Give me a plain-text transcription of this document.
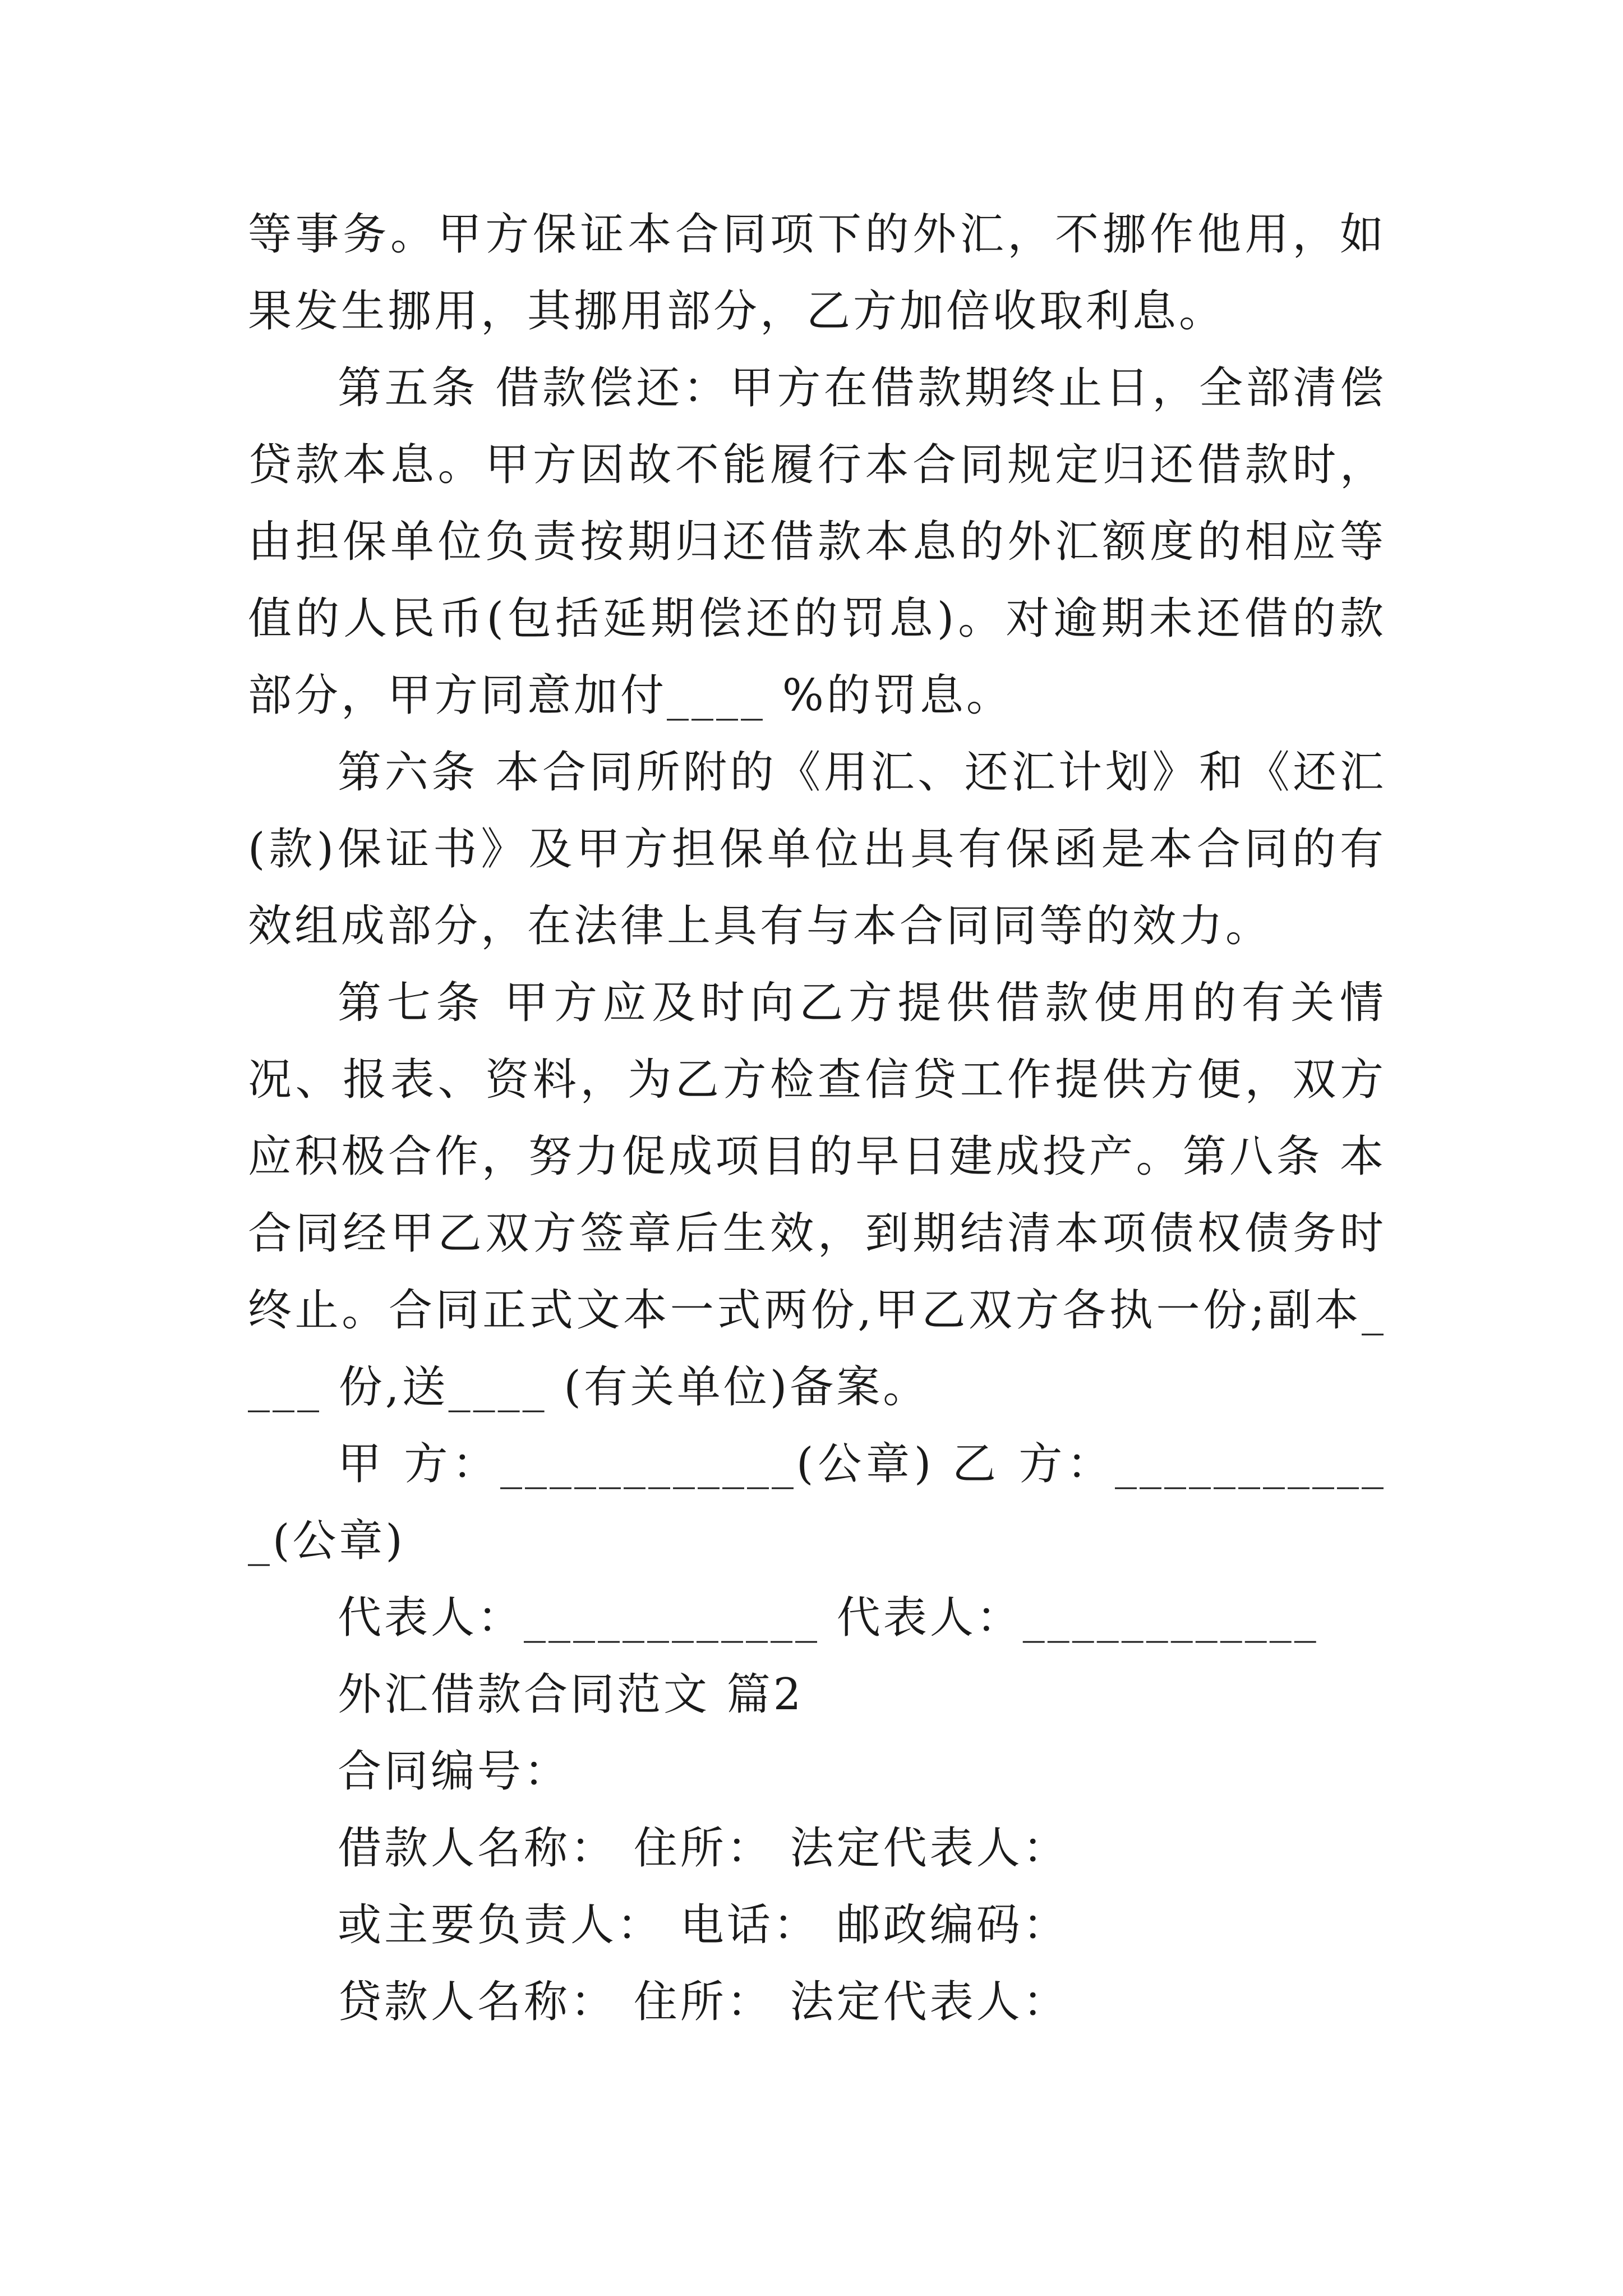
等事务。甲方保证本合同项下的外汇，不挪作他用，如果发生挪用，其挪用部分，乙方加倍收取利息。

第五条 借款偿还：甲方在借款期终止日，全部清偿贷款本息。甲方因故不能履行本合同规定归还借款时，由担保单位负责按期归还借款本息的外汇额度的相应等值的人民币(包括延期偿还的罚息)。对逾期未还借的款部分，甲方同意加付____ %的罚息。

第六条 本合同所附的《用汇、还汇计划》和《还汇(款)保证书》及甲方担保单位出具有保函是本合同的有效组成部分，在法律上具有与本合同同等的效力。

第七条 甲方应及时向乙方提供借款使用的有关情况、报表、资料，为乙方检查信贷工作提供方便，双方应积极合作，努力促成项目的早日建成投产。第八条 本合同经甲乙双方签章后生效，到期结清本项债权债务时终止。合同正式文本一式两份,甲乙双方各执一份;副本____ 份,送____ (有关单位)备案。

甲 方：____________(公章) 乙 方：____________(公章)

代表人：____________ 代表人：____________

外汇借款合同范文 篇2

合同编号：

借款人名称： 住所： 法定代表人：

或主要负责人： 电话： 邮政编码：

贷款人名称： 住所： 法定代表人：
